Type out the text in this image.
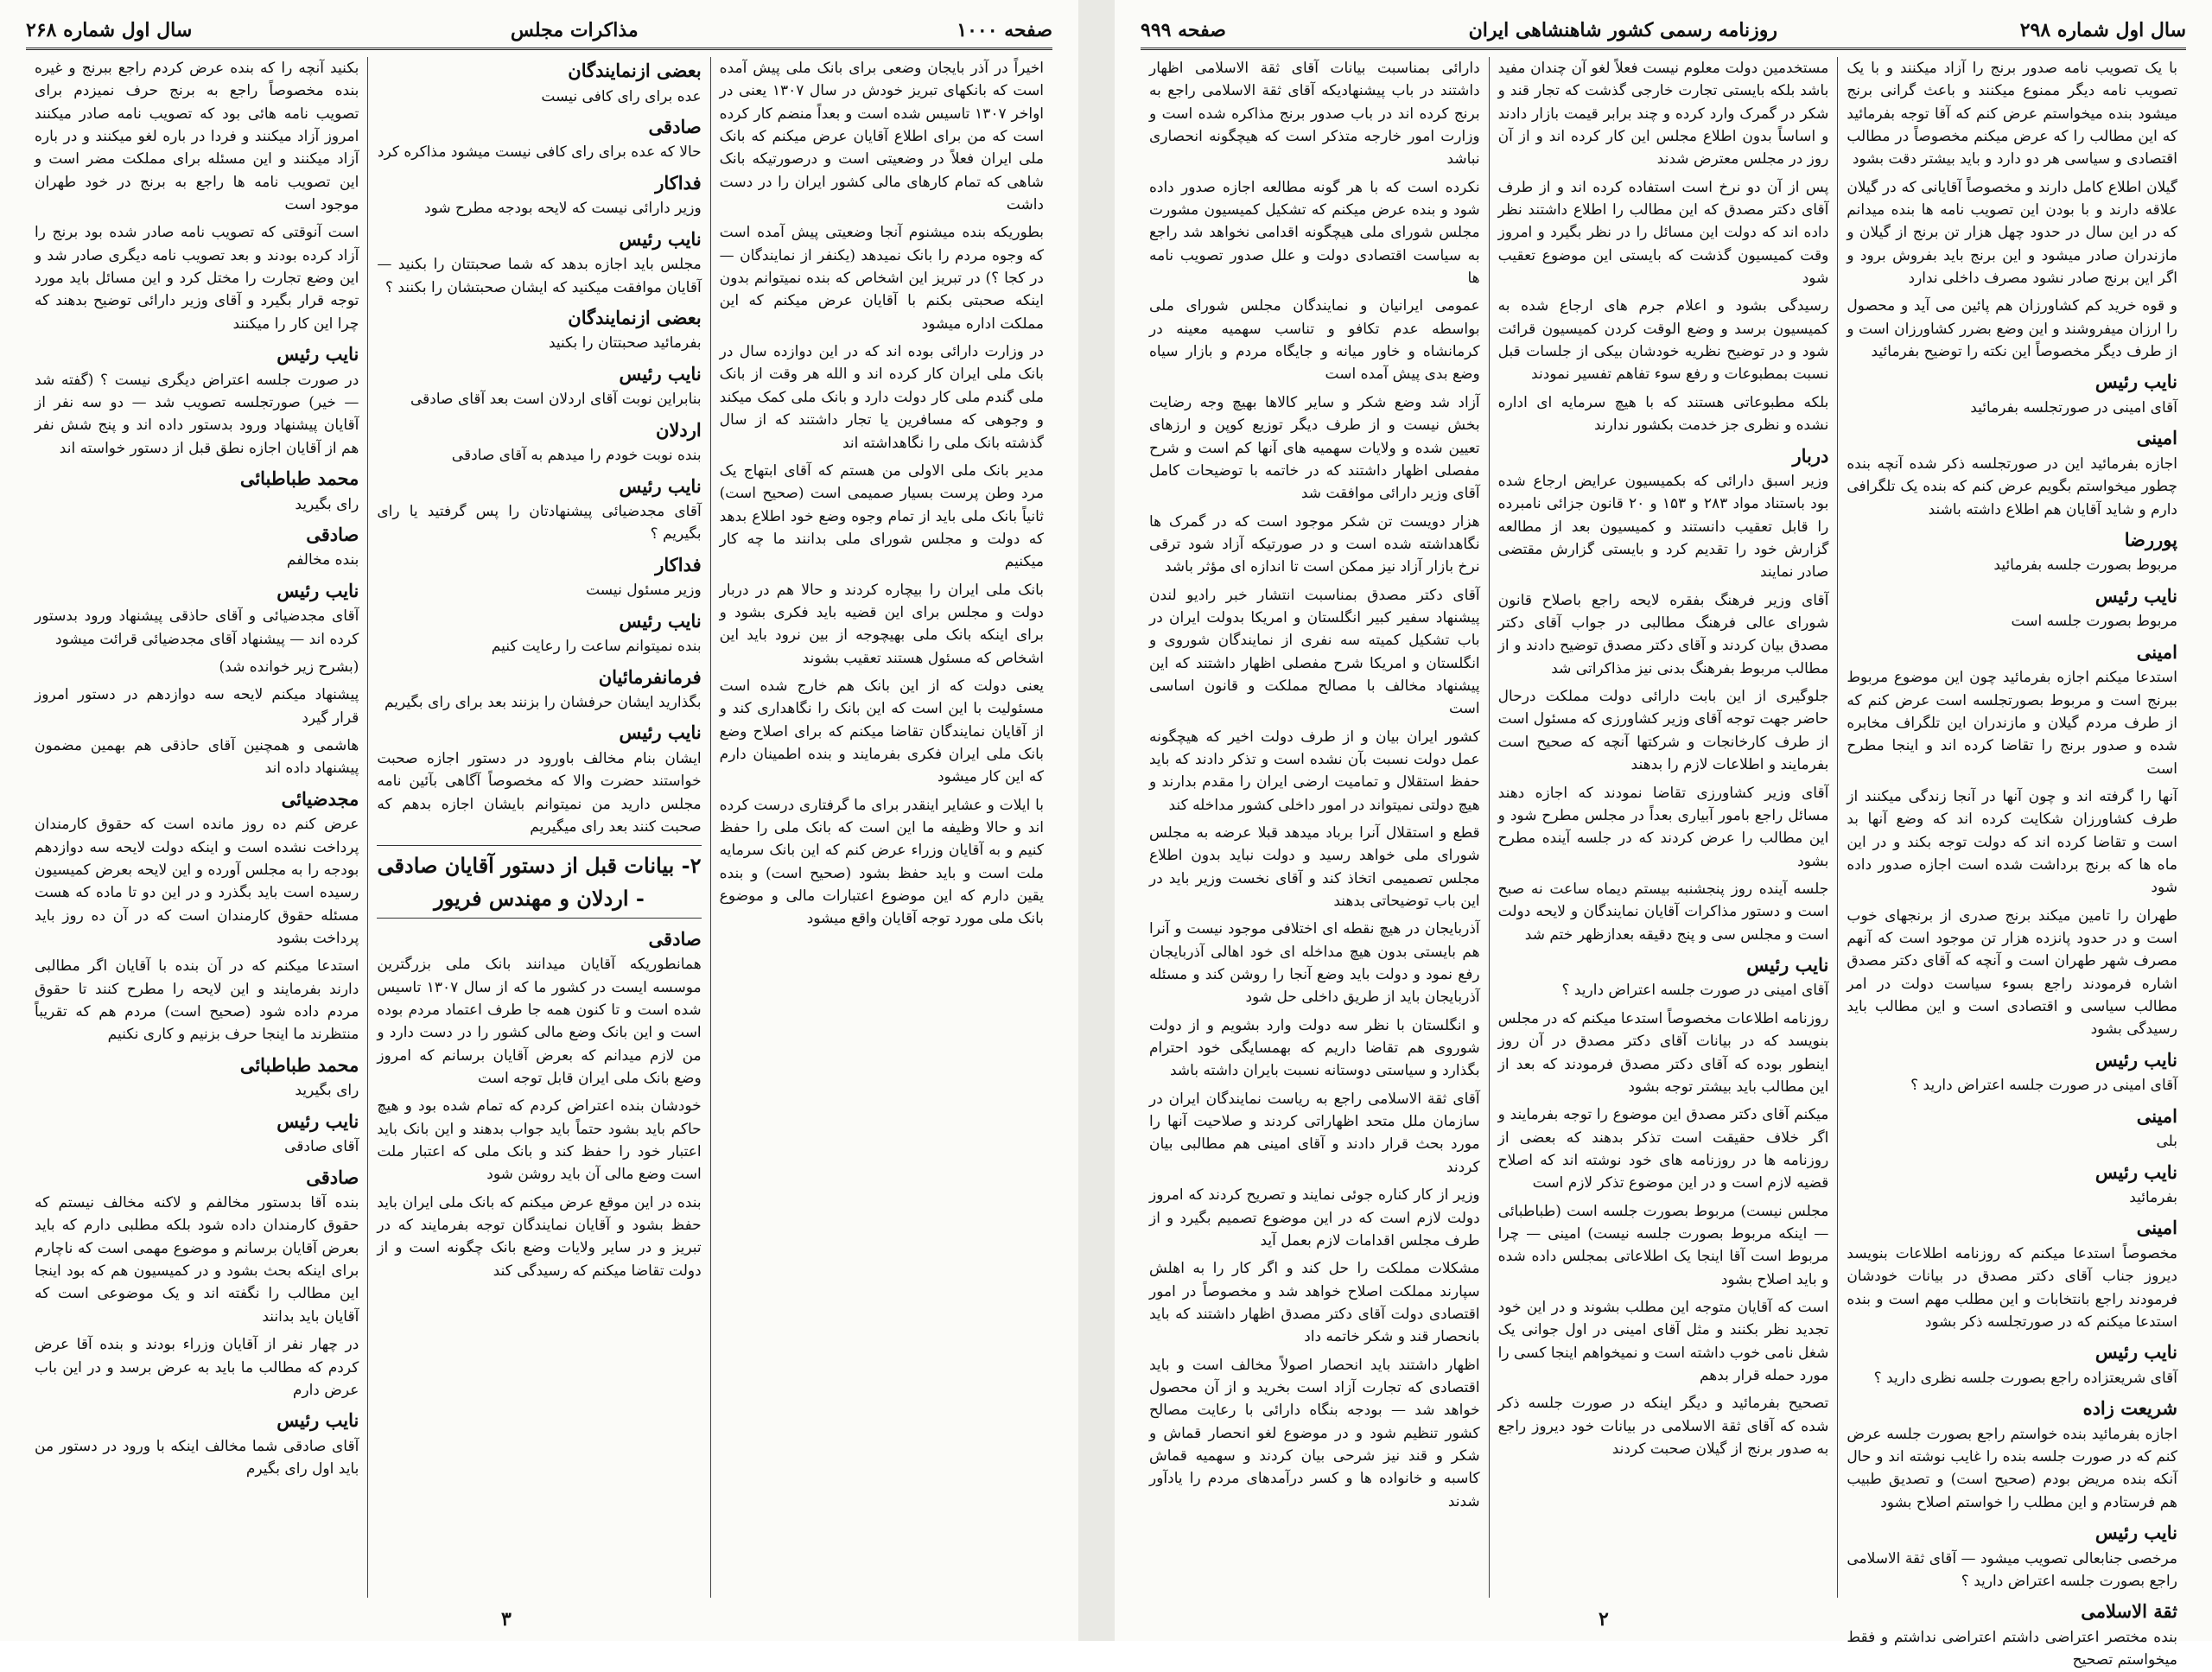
صفحه ۱۰۰۰
مذاکرات مجلس
سال اول شماره ۲۶۸

اخیراً در آذر بایجان وضعی برای بانک ملی پیش آمده است که بانکهای تبریز خودش در سال ۱۳۰۷ یعنی در اواخر ۱۳۰۷ تاسیس شده است و بعداً منضم کار کرده است که من برای اطلاع آقایان عرض میکنم که بانک ملی ایران فعلاً در وضعیتی است و درصورتیکه بانک شاهی که تمام کارهای مالی کشور ایران را در دست داشت

بطوریکه بنده میشنوم آنجا وضعیتی پیش آمده است که وجوه مردم را بانک نمیدهد (یکنفر از نمایندگان — در کجا ؟) در تبریز این اشخاص که بنده نمیتوانم بدون اینکه صحبتی بکنم با آقایان عرض میکنم که این مملکت اداره میشود

در وزارت دارائی بوده اند که در این دوازده سال در بانک ملی ایران کار کرده اند و الله هر وقت از بانک ملی گندم ملی کار دولت دارد و بانک ملی کمک میکند و وجوهی که مسافرین یا تجار داشتند که از سال گذشته بانک ملی را نگاهداشته اند

مدیر بانک ملی الاولی من هستم که آقای ابتهاج یک مرد وطن پرست بسیار صمیمی است (صحیح است) ثانیاً بانک ملی باید از تمام وجوه وضع خود اطلاع بدهد که دولت و مجلس شورای ملی بدانند ما چه کار میکنیم

بانک ملی ایران را بیچاره کردند و حالا هم در دربار دولت و مجلس برای این قضیه باید فکری بشود و برای اینکه بانک ملی بهیچوجه از بین نرود باید این اشخاص که مسئول هستند تعقیب بشوند

یعنی دولت که از این بانک هم خارج شده است مسئولیت با این است که این بانک را نگاهداری کند و از آقایان نمایندگان تقاضا میکنم که برای اصلاح وضع بانک ملی ایران فکری بفرمایند و بنده اطمینان دارم که این کار میشود

با ایلات و عشایر اینقدر برای ما گرفتاری درست کرده اند و حالا وظیفه ما این است که بانک ملی را حفظ کنیم و به آقایان وزراء عرض کنم که این بانک سرمایه ملت است و باید حفظ بشود (صحیح است) و بنده یقین دارم که این موضوع اعتبارات مالی و موضوع بانک ملی مورد توجه آقایان واقع میشود

بعضی ازنمایندگان

عده برای رای کافی نیست

صادقی

حالا که عده برای رای کافی نیست میشود مذاکره کرد

فداکار

وزیر دارائی نیست که لایحه بودجه مطرح شود

نایب رئیس

مجلس باید اجازه بدهد که شما صحبتتان را بکنید — آقایان موافقت میکنید که ایشان صحبتشان را بکنند ؟

بعضی ازنمایندگان

بفرمائید صحبتتان را بکنید

نایب رئیس

بنابراین نوبت آقای اردلان است بعد آقای صادقی

اردلان

بنده نوبت خودم را میدهم به آقای صادقی

نایب رئیس

آقای مجدضیائی پیشنهادتان را پس گرفتید یا رای بگیریم ؟

فداکار

وزیر مسئول نیست

نایب رئیس

بنده نمیتوانم ساعت را رعایت کنیم

فرمانفرمائیان

بگذارید ایشان حرفشان را بزنند بعد برای رای بگیریم

نایب رئیس

ایشان بنام مخالف باورود در دستور اجازه صحبت خواستند حضرت والا که مخصوصاً آگاهی بآئین نامه مجلس دارید من نمیتوانم بایشان اجازه بدهم که صحبت کنند بعد رای میگیریم

۲- بیانات قبل از دستور آقایان صادقی - اردلان و مهندس فریور
صادقی

همانطوریکه آقایان میدانند بانک ملی بزرگترین موسسه ایست در کشور ما که از سال ۱۳۰۷ تاسیس شده است و تا کنون همه جا طرف اعتماد مردم بوده است و این بانک وضع مالی کشور را در دست دارد و من لازم میدانم که بعرض آقایان برسانم که امروز وضع بانک ملی ایران قابل توجه است

خودشان بنده اعتراض کردم که تمام شده بود و هیچ حاکم باید بشود حتماً باید جواب بدهند و این بانک باید اعتبار خود را حفظ کند و بانک ملی که اعتبار ملت است وضع مالی آن باید روشن شود

بنده در این موقع عرض میکنم که بانک ملی ایران باید حفظ بشود و آقایان نمایندگان توجه بفرمایند که در تبریز و در سایر ولایات وضع بانک چگونه است و از دولت تقاضا میکنم که رسیدگی کند

بکنید آنچه را که بنده عرض کردم راجع ببرنج و غیره بنده مخصوصاً راجع به برنج حرف نمیزدم برای تصویب نامه هائی بود که تصویب نامه صادر میکنند امروز آزاد میکنند و فردا در باره لغو میکنند و در باره آزاد میکنند و این مسئله برای مملکت مضر است و این تصویب نامه ها راجع به برنج در خود طهران موجود است

است آنوقتی که تصویب نامه صادر شده بود برنج را آزاد کرده بودند و بعد تصویب نامه دیگری صادر شد و این وضع تجارت را مختل کرد و این مسائل باید مورد توجه قرار بگیرد و آقای وزیر دارائی توضیح بدهند که چرا این کار را میکنند

نایب رئیس

در صورت جلسه اعتراض دیگری نیست ؟ (گفته شد — خیر) صورتجلسه تصویب شد — دو سه نفر از آقایان پیشنهاد ورود بدستور داده اند و پنج شش نفر هم از آقایان اجازه نطق قبل از دستور خواسته اند

محمد طباطبائی

رای بگیرید

صادقی

بنده مخالفم

نایب رئیس

آقای مجدضیائی و آقای حاذقی پیشنهاد ورود بدستور کرده اند — پیشنهاد آقای مجدضیائی قرائت میشود

(بشرح زیر خوانده شد)

پیشنهاد میکنم لایحه سه دوازدهم در دستور امروز قرار گیرد

هاشمی و همچنین آقای حاذقی هم بهمین مضمون پیشنهاد داده اند

مجدضیائی

عرض کنم ده روز مانده است که حقوق کارمندان پرداخت نشده است و اینکه دولت لایحه سه دوازدهم بودجه را به مجلس آورده و این لایحه بعرض کمیسیون رسیده است باید بگذرد و در این دو تا ماده که هست مسئله حقوق کارمندان است که در آن ده روز باید پرداخت بشود

استدعا میکنم که در آن بنده با آقایان اگر مطالبی دارند بفرمایند و این لایحه را مطرح کنند تا حقوق مردم داده شود (صحیح است) مردم هم که تقریباً منتظرند ما اینجا حرف بزنیم و کاری نکنیم

محمد طباطبائی

رای بگیرید

نایب رئیس

آقای صادقی

صادقی

بنده آقا بدستور مخالفم و لاکنه مخالف نیستم که حقوق کارمندان داده شود بلکه مطلبی دارم که باید بعرض آقایان برسانم و موضوع مهمی است که ناچارم برای اینکه بحث بشود و در کمیسیون هم که بود اینجا این مطالب را نگفته اند و یک موضوعی است که آقایان باید بدانند

در چهار نفر از آقایان وزراء بودند و بنده آقا عرض کردم که مطالب ما باید به عرض برسد و در این باب عرض دارم

نایب رئیس

آقای صادقی شما مخالف اینکه با ورود در دستور من باید اول رای بگیرم

۳
سال اول شماره ۲۹۸
روزنامه رسمی کشور شاهنشاهی ایران
صفحه ۹۹۹

با یک تصویب نامه صدور برنج را آزاد میکنند و با یک تصویب نامه دیگر ممنوع میکنند و باعث گرانی برنج میشود بنده میخواستم عرض کنم که آقا توجه بفرمائید که این مطالب را که عرض میکنم مخصوصاً در مطالب اقتصادی و سیاسی هر دو دارد و باید بیشتر دقت بشود

گیلان اطلاع کامل دارند و مخصوصاً آقایانی که در گیلان علاقه دارند و با بودن این تصویب نامه ها بنده میدانم که در این سال در حدود چهل هزار تن برنج از گیلان و مازندران صادر میشود و این برنج باید بفروش برود و اگر این برنج صادر نشود مصرف داخلی ندارد

و قوه خرید کم کشاورزان هم پائین می آید و محصول را ارزان میفروشند و این وضع بضرر کشاورزان است و از طرف دیگر مخصوصاً این نکته را توضیح بفرمائید

نایب رئیس

آقای امینی در صورتجلسه بفرمائید

امینی

اجازه بفرمائید این در صورتجلسه ذکر شده آنچه بنده چطور میخواستم بگویم عرض کنم که بنده یک تلگرافی دارم و شاید آقایان هم اطلاع داشته باشند

پوررضا

مربوط بصورت جلسه بفرمائید

نایب رئیس

مربوط بصورت جلسه است

امینی

استدعا میکنم اجازه بفرمائید چون این موضوع مربوط ببرنج است و مربوط بصورتجلسه است عرض کنم که از طرف مردم گیلان و مازندران این تلگراف مخابره شده و صدور برنج را تقاضا کرده اند و اینجا مطرح است

آنها را گرفته اند و چون آنها در آنجا زندگی میکنند از طرف کشاورزان شکایت کرده اند که وضع آنها بد است و تقاضا کرده اند که دولت توجه بکند و در این ماه ها که برنج برداشت شده است اجازه صدور داده شود

طهران را تامین میکند برنج صدری از برنجهای خوب است و در حدود پانزده هزار تن موجود است که آنهم مصرف شهر طهران است و آنچه که آقای دکتر مصدق اشاره فرمودند راجع بسوء سیاست دولت در امر مطالب سیاسی و اقتصادی است و این مطالب باید رسیدگی بشود

نایب رئیس

آقای امینی در صورت جلسه اعتراض دارید ؟

امینی

بلی

نایب رئیس

بفرمائید

امینی

مخصوصاً استدعا میکنم که روزنامه اطلاعات بنویسد دیروز جناب آقای دکتر مصدق در بیانات خودشان فرمودند راجع بانتخابات و این مطلب مهم است و بنده استدعا میکنم که در صورتجلسه ذکر بشود

نایب رئیس

آقای شریعتزاده راجع بصورت جلسه نظری دارید ؟

شریعت زاده

اجازه بفرمائید بنده خواستم راجع بصورت جلسه عرض کنم که در صورت جلسه بنده را غایب نوشته اند و حال آنکه بنده مریض بودم (صحیح است) و تصدیق طبیب هم فرستادم و این مطلب را خواستم اصلاح بشود

نایب رئیس

مرخصی جنابعالی تصویب میشود — آقای ثقة الاسلامی راجع بصورت جلسه اعتراض دارید ؟

ثقة الاسلامی

بنده مختصر اعتراضی داشتم اعتراضی نداشتم و فقط میخواستم تصحیح

مستخدمین دولت معلوم نیست فعلاً لغو آن چندان مفید باشد بلکه بایستی تجارت خارجی گذشت که تجار قند و شکر در گمرک وارد کرده و چند برابر قیمت بازار دادند و اساساً بدون اطلاع مجلس این کار کرده اند و از آن روز در مجلس معترض شدند

پس از آن دو نرخ است استفاده کرده اند و از طرف آقای دکتر مصدق که این مطالب را اطلاع داشتند نظر داده اند که دولت این مسائل را در نظر بگیرد و امروز وقت کمیسیون گذشت که بایستی این موضوع تعقیب شود

رسیدگی بشود و اعلام جرم های ارجاع شده به کمیسیون برسد و وضع الوقت کردن کمیسیون قرائت شود و در توضیح نظریه خودشان بیکی از جلسات قبل نسبت بمطبوعات و رفع سوء تفاهم تفسیر نمودند

بلکه مطبوعاتی هستند که با هیچ سرمایه ای اداره نشده و نظری جز خدمت بکشور ندارند

دربار

وزیر اسبق دارائی که بکمیسیون عرایض ارجاع شده بود باستناد مواد ۲۸۳ و ۱۵۳ و ۲۰ قانون جزائی نامبرده را قابل تعقیب دانستند و کمیسیون بعد از مطالعه گزارش خود را تقدیم کرد و بایستی گزارش مقتضی صادر نمایند

آقای وزیر فرهنگ بفقره لایحه راجع باصلاح قانون شورای عالی فرهنگ مطالبی در جواب آقای دکتر مصدق بیان کردند و آقای دکتر مصدق توضیح دادند و از مطالب مربوط بفرهنگ بدنی نیز مذاکراتی شد

جلوگیری از این بابت دارائی دولت مملکت درحال حاضر جهت توجه آقای وزیر کشاورزی که مسئول است از طرف کارخانجات و شرکتها آنچه که صحیح است بفرمایند و اطلاعات لازم را بدهند

آقای وزیر کشاورزی تقاضا نمودند که اجازه دهند مسائل راجع بامور آبیاری بعداً در مجلس مطرح شود و این مطالب را عرض کردند که در جلسه آینده مطرح بشود

جلسه آینده روز پنجشنبه بیستم دیماه ساعت نه صبح است و دستور مذاکرات آقایان نمایندگان و لایحه دولت است و مجلس سی و پنج دقیقه بعدازظهر ختم شد

نایب رئیس

آقای امینی در صورت جلسه اعتراض دارید ؟

روزنامه اطلاعات مخصوصاً استدعا میکنم که در مجلس بنویسد که در بیانات آقای دکتر مصدق در آن روز اینطور بوده که آقای دکتر مصدق فرمودند که بعد از این مطالب باید بیشتر توجه بشود

میکنم آقای دکتر مصدق این موضوع را توجه بفرمایند و اگر خلاف حقیقت است تذکر بدهند که بعضی از روزنامه ها در روزنامه های خود نوشته اند که اصلاح قضیه لازم است و در این موضوع تذکر لازم است

مجلس نیست) مربوط بصورت جلسه است (طباطبائی — اینکه مربوط بصورت جلسه نیست) امینی — چرا مربوط است آقا اینجا یک اطلاعاتی بمجلس داده شده و باید اصلاح بشود

است که آقایان متوجه این مطلب بشوند و در این خود تجدید نظر بکنند و مثل آقای امینی در اول جوانی یک شغل نامی خوب داشته است و نمیخواهم اینجا کسی را مورد حمله قرار بدهم

تصحیح بفرمائید و دیگر اینکه در صورت جلسه ذکر شده که آقای ثقة الاسلامی در بیانات خود دیروز راجع به صدور برنج از گیلان صحبت کردند

دارائی بمناسبت بیانات آقای ثقة الاسلامی اظهار داشتند در باب پیشنهادیکه آقای ثقة الاسلامی راجع به برنج کرده اند در باب صدور برنج مذاکره شده است و وزارت امور خارجه متذکر است که هیچگونه انحصاری نباشد

نکرده است که با هر گونه مطالعه اجازه صدور داده شود و بنده عرض میکنم که تشکیل کمیسیون مشورت مجلس شورای ملی هیچگونه اقدامی نخواهد شد راجع به سیاست اقتصادی دولت و علل صدور تصویب نامه ها

عمومی ایرانیان و نمایندگان مجلس شورای ملی بواسطه عدم تکافو و تناسب سهمیه معینه در کرمانشاه و خاور میانه و جایگاه مردم و بازار سیاه وضع بدی پیش آمده است

آزاد شد وضع شکر و سایر کالاها بهیچ وجه رضایت بخش نیست و از طرف دیگر توزیع کوپن و ارزهای تعیین شده و ولایات سهمیه های آنها کم است و شرح مفصلی اظهار داشتند که در خاتمه با توضیحات کامل آقای وزیر دارائی موافقت شد

هزار دویست تن شکر موجود است که در گمرک ها نگاهداشته شده است و در صورتیکه آزاد شود ترقی نرخ بازار آزاد نیز ممکن است تا اندازه ای مؤثر باشد

آقای دکتر مصدق بمناسبت انتشار خبر رادیو لندن پیشنهاد سفیر کبیر انگلستان و امریکا بدولت ایران در باب تشکیل کمیته سه نفری از نمایندگان شوروی و انگلستان و امریکا شرح مفصلی اظهار داشتند که این پیشنهاد مخالف با مصالح مملکت و قانون اساسی است

کشور ایران بیان و از طرف دولت اخیر که هیچگونه عمل دولت نسبت بآن نشده است و تذکر دادند که باید حفظ استقلال و تمامیت ارضی ایران را مقدم بدارند و هیچ دولتی نمیتواند در امور داخلی کشور مداخله کند

قطع و استقلال آنرا برباد میدهد قبلا عرضه به مجلس شورای ملی خواهد رسید و دولت نباید بدون اطلاع مجلس تصمیمی اتخاذ کند و آقای نخست وزیر باید در این باب توضیحاتی بدهند

آذربایجان در هیچ نقطه ای اختلافی موجود نیست و آنرا هم بایستی بدون هیچ مداخله ای خود اهالی آذربایجان رفع نمود و دولت باید وضع آنجا را روشن کند و مسئله آذربایجان باید از طریق داخلی حل شود

و انگلستان با نظر سه دولت وارد بشویم و از دولت شوروی هم تقاضا داریم که بهمسایگی خود احترام بگذارد و سیاستی دوستانه نسبت بایران داشته باشد

آقای ثقة الاسلامی راجع به ریاست نمایندگان ایران در سازمان ملل متحد اظهاراتی کردند و صلاحیت آنها را مورد بحث قرار دادند و آقای امینی هم مطالبی بیان کردند

وزیر از کار کناره جوئی نمایند و تصریح کردند که امروز دولت لازم است که در این موضوع تصمیم بگیرد و از طرف مجلس اقدامات لازم بعمل آید

مشکلات مملکت را حل کند و اگر کار را به اهلش سپارند مملکت اصلاح خواهد شد و مخصوصاً در امور اقتصادی دولت آقای دکتر مصدق اظهار داشتند که باید بانحصار قند و شکر خاتمه داد

اظهار داشتند باید انحصار اصولاً مخالف است و باید اقتصادی که تجارت آزاد است بخرید و از آن محصول خواهد شد — بودجه بنگاه دارائی با رعایت مصالح کشور تنظیم شود و در موضوع لغو انحصار قماش و شکر و قند نیز شرحی بیان کردند و سهمیه قماش کاسبه و خانواده ها و کسر درآمدهای مردم را یادآور شدند

۲
